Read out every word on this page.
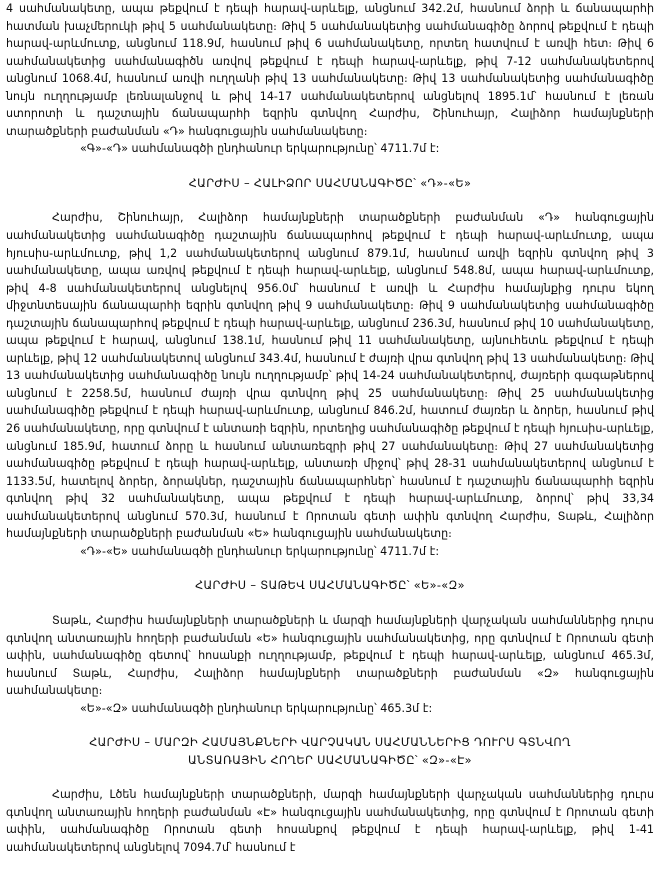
4 սահմանակետը, ապա թեքվում է դեպի հարավ-արևելք, անցնում 342.2մ, հասնում ձորի և ճանապարհի հատման խաչմերուկի թիվ 5 սահմանակետը։ Թիվ 5 սահմանակետից սահմանագիծը ձորով թեքվում է դեպի հարավ-արևմուտք, անցնում 118.9մ, հասնում թիվ 6 սահմանակետը, որտեղ հատվում է առվի հետ։ Թիվ 6 սահմանակետից սահմանագիծն առվով թեքվում է դեպի հարավ-արևելք, թիվ 7-12 սահմանակետերով անցնում 1068.4մ, հասնում առվի ուղղանի թիվ 13 սահմանակետը։ Թիվ 13 սահմանակետից սահմանագիծը նույն ուղղությամբ լեռնալանջով և թիվ 14-17 սահմանակետերով անցնելով 1895.1մ՝ հասնում է լեռան ստորոտի և դաշտային ճանապարհի եզրին գտնվող Հարժիս, Շինուհայր, Հալիձոր համայնքների տարածքների բաժանման «Դ» հանգուցային սահմանակետը։

«Գ»-«Դ» սահմանագծի ընդհանուր երկարությունը՝ 4711.7մ է:

ՀԱՐԺԻՍ – ՀԱԼԻՁՈՐ ՍԱՀՄԱՆԱԳԻԾԸ՝ «Դ»-«Ե»

Հարժիս, Շինուհայր, Հալիձոր համայնքների տարածքների բաժանման «Դ» հանգուցային սահմանակետից սահմանագիծը դաշտային ճանապարհով թեքվում է դեպի հարավ-արևմուտք, ապա հյուսիս-արևմուտք, թիվ 1,2 սահմանակետերով անցնում 879.1մ, հասնում առվի եզրին գտնվող թիվ 3 սահմանակետը, ապա առվով թեքվում է դեպի հարավ-արևելք, անցնում 548.8մ, ապա հարավ-արևմուտք, թիվ 4-8 սահմանակետերով անցնելով 956.0մ՝ հասնում է առվի և Հարժիս համայնքից դուրս եկող միջտնտեսային ճանապարհի եզրին գտնվող թիվ 9 սահմանակետը։ Թիվ 9 սահմանակետից սահմանագիծը դաշտային ճանապարհով թեքվում է դեպի հարավ-արևելք, անցնում 236.3մ, հասնում թիվ 10 սահմանակետը, ապա թեքվում է հարավ, անցնում 138.1մ, հասնում թիվ 11 սահմանակետը, այնուհետև թեքվում է դեպի արևելք, թիվ 12 սահմանակետով անցնում 343.4մ, հասնում է ժայռի վրա գտնվող թիվ 13 սահմանակետը։ Թիվ 13 սահմանակետից սահմանագիծը նույն ուղղությամբ՝ թիվ 14-24 սահմանակետերով, ժայռերի գագաթներով անցնում է 2258.5մ, հասնում ժայռի վրա գտնվող թիվ 25 սահմանակետը։ Թիվ 25 սահմանակետից սահմանագիծը թեքվում է դեպի հարավ-արևմուտք, անցնում 846.2մ, հատում ժայռեր և ձորեր, հասնում թիվ 26 սահմանակետը, որը գտնվում է անտառի եզրին, որտեղից սահմանագիծը թեքվում է դեպի հյուսիս-արևելք, անցնում 185.9մ, հատում ձորը և հասնում անտառեզրի թիվ 27 սահմանակետը։ Թիվ 27 սահմանակետից սահմանագիծը թեքվում է դեպի հարավ-արևելք, անտառի միջով՝ թիվ 28-31 սահմանակետերով անցնում է 1133.5մ, հատելով ձորեր, ձորակներ, դաշտային ճանապարհներ՝ հասնում է դաշտային ճանապարհի եզրին գտնվող թիվ 32 սահմանակետը, ապա թեքվում է դեպի հարավ-արևմուտք, ձորով՝ թիվ 33,34 սահմանակետերով անցնում 570.3մ, հասնում է Որոտան գետի ափին գտնվող Հարժիս, Տաթև, Հալիձոր համայնքների տարածքների բաժանման «Ե» հանգուցային սահմանակետը։

«Դ»-«Ե» սահմանագծի ընդհանուր երկարությունը՝ 4711.7մ է:

ՀԱՐԺԻՍ – ՏԱԹԵՎ ՍԱՀՄԱՆԱԳԻԾԸ՝ «Ե»-«Զ»

Տաթև, Հարժիս համայնքների տարածքների և մարզի համայնքների վարչական սահմաններից դուրս գտնվող անտառային հողերի բաժանման «Ե» հանգուցային սահմանակետից, որը գտնվում է Որոտան գետի ափին, սահմանագիծը գետով՝ հոսանքի ուղղությամբ, թեքվում է դեպի հարավ-արևելք, անցնում 465.3մ, հասնում Տաթև, Հարժիս, Հալիձոր համայնքների տարածքների բաժանման «Զ» հանգուցային սահմանակետը։

«Ե»-«Զ» սահմանագծի ընդհանուր երկարությունը՝ 465.3մ է:

ՀԱՐԺԻՍ – ՄԱՐԶԻ ՀԱՄԱՅՆՔՆԵՐԻ ՎԱՐՉԱԿԱՆ ՍԱՀՄԱՆՆԵՐԻՑ ԴՈՒՐՍ ԳՏՆՎՈՂ
ԱՆՏԱՌԱՅԻՆ ՀՈՂԵՐ ՍԱՀՄԱՆԱԳԻԾԸ՝ «Զ»-«Է»

Հարժիս, Լծեն համայնքների տարածքների, մարզի համայնքների վարչական սահմաններից դուրս գտնվող անտառային հողերի բաժանման «Է» հանգուցային սահմանակետից, որը գտնվում է Որոտան գետի ափին, սահմանագիծը Որոտան գետի հոսանքով թեքվում է դեպի հարավ-արևելք, թիվ 1-41 սահմանակետերով անցնելով 7094.7մ՝ հասնում է
